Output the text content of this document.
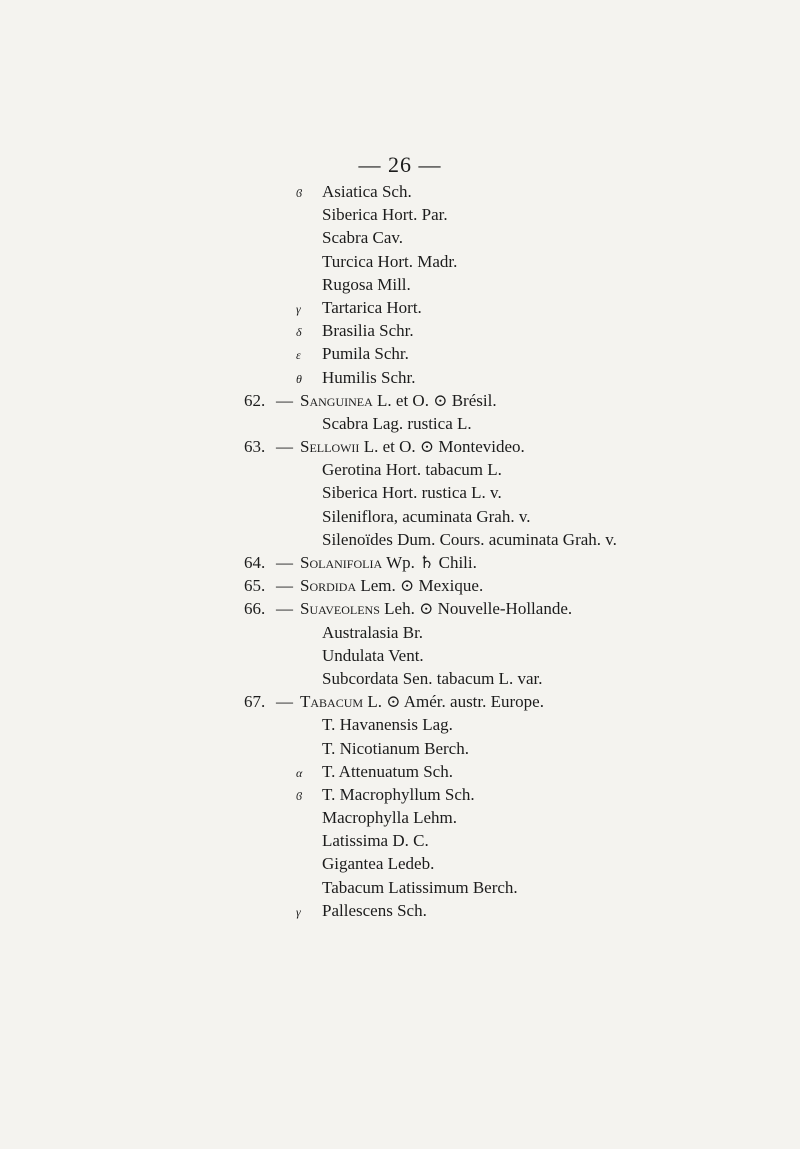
— 26 —
ϐ Asiatica Sch.
Siberica Hort. Par.
Scabra Cav.
Turcica Hort. Madr.
Rugosa Mill.
γ Tartarica Hort.
δ Brasilia Schr.
ε Pumila Schr.
θ Humilis Schr.
62. — Sanguinea L. et O. ⊙ Brésil.
Scabra Lag. rustica L.
63. — Sellowii L. et O. ⊙ Montevideo.
Gerotina Hort. tabacum L.
Siberica Hort. rustica L. v.
Sileniflora, acuminata Grah. v.
Silenoïdes Dum. Cours. acuminata Grah. v.
64. — Solanifolia Wp. ♄ Chili.
65. — Sordida Lem. ⊙ Mexique.
66. — Suaveolens Leh. ⊙ Nouvelle-Hollande.
Australasia Br.
Undulata Vent.
Subcordata Sen. tabacum L. var.
67. — Tabacum L. ⊙ Amér. austr. Europe.
T. Havanensis Lag.
T. Nicotianum Berch.
α T. Attenuatum Sch.
ϐ T. Macrophyllum Sch.
Macrophylla Lehm.
Latissima D. C.
Gigantea Ledeb.
Tabacum Latissimum Berch.
γ Pallescens Sch.
